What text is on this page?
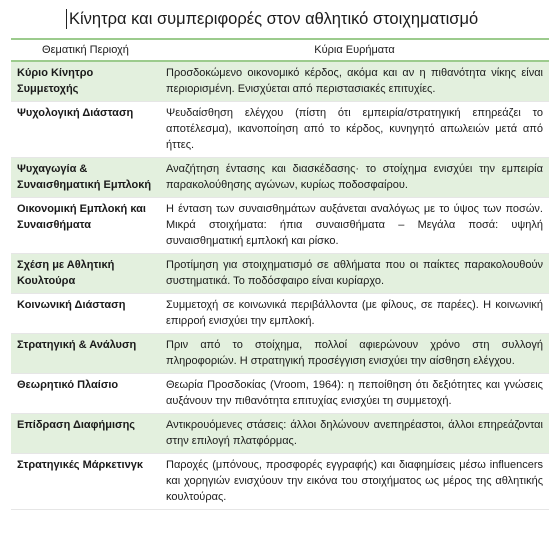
Κίνητρα και συμπεριφορές στον αθλητικό στοιχηματισμό
Θεματική Περιοχή	Κύρια Ευρήματα
Κύριο Κίνητρο Συμμετοχής	Προσδοκώμενο οικονομικό κέρδος, ακόμα και αν η πιθανότητα νίκης είναι περιορισμένη. Ενισχύεται από περιστασιακές επιτυχίες.
Ψυχολογική Διάσταση	Ψευδαίσθηση ελέγχου (πίστη ότι εμπειρία/στρατηγική επηρεάζει το αποτέλεσμα), ικανοποίηση από το κέρδος, κυνηγητό απωλειών μετά από ήττες.
Ψυχαγωγία & Συναισθηματική Εμπλοκή	Αναζήτηση έντασης και διασκέδασης· το στοίχημα ενισχύει την εμπειρία παρακολούθησης αγώνων, κυρίως ποδοσφαίρου.
Οικονομική Εμπλοκή και Συναισθήματα	Η ένταση των συναισθημάτων αυξάνεται αναλόγως με το ύψος των ποσών. Μικρά στοιχήματα: ήπια συναισθήματα – Μεγάλα ποσά: υψηλή συναισθηματική εμπλοκή και ρίσκο.
Σχέση με Αθλητική Κουλτούρα	Προτίμηση για στοιχηματισμό σε αθλήματα που οι παίκτες παρακολουθούν συστηματικά. Το ποδόσφαιρο είναι κυρίαρχο.
Κοινωνική Διάσταση	Συμμετοχή σε κοινωνικά περιβάλλοντα (με φίλους, σε παρέες). Η κοινωνική επιρροή ενισχύει την εμπλοκή.
Στρατηγική & Ανάλυση	Πριν από το στοίχημα, πολλοί αφιερώνουν χρόνο στη συλλογή πληροφοριών. Η στρατηγική προσέγγιση ενισχύει την αίσθηση ελέγχου.
Θεωρητικό Πλαίσιο	Θεωρία Προσδοκίας (Vroom, 1964): η πεποίθηση ότι δεξιότητες και γνώσεις αυξάνουν την πιθανότητα επιτυχίας ενισχύει τη συμμετοχή.
Επίδραση Διαφήμισης	Αντικρουόμενες στάσεις: άλλοι δηλώνουν ανεπηρέαστοι, άλλοι επηρεάζονται στην επιλογή πλατφόρμας.
Στρατηγικές Μάρκετινγκ	Παροχές (μπόνους, προσφορές εγγραφής) και διαφημίσεις μέσω influencers και χορηγιών ενισχύουν την εικόνα του στοιχήματος ως μέρος της αθλητικής κουλτούρας.
